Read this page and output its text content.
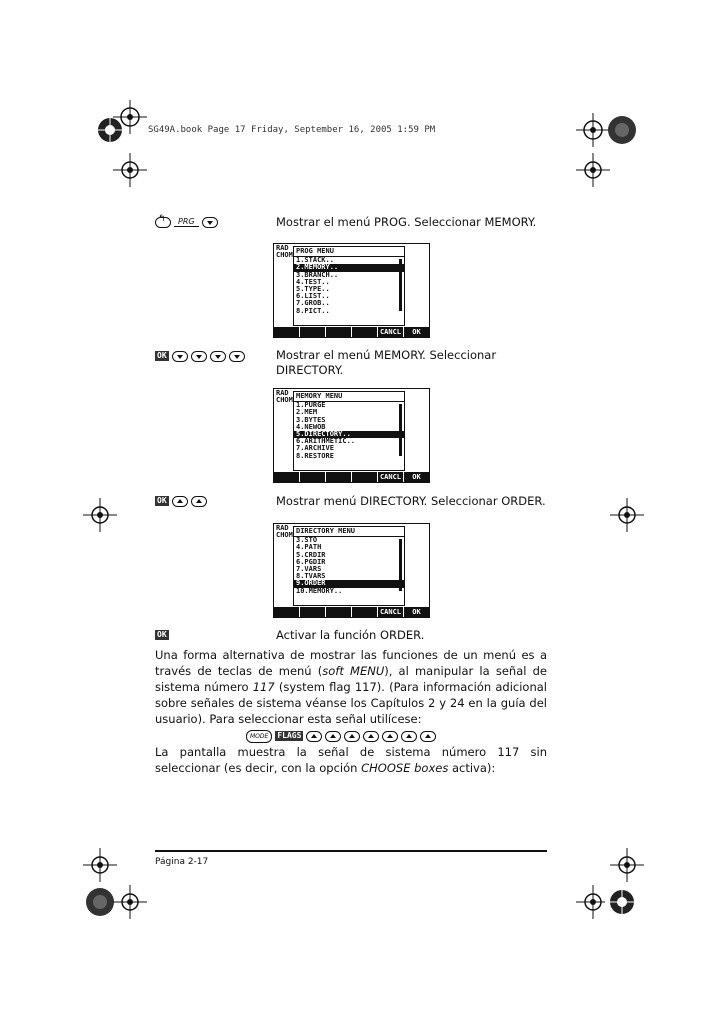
SG49A.book Page 17 Friday, September 16, 2005 1:59 PM
↰
PRG	Mostrar el menú PROG. Seleccionar MEMORY.
RAD
CHOM PROG MENU
1.STACK..
2.MEMORY..
3.BRANCH..
4.TEST..
5.TYPE..
6.LIST..
7.GROB..
8.PICT..
CANCL	OK
OK	Mostrar el menú MEMORY. Seleccionar DIRECTORY.
RAD
CHOM MEMORY MENU
1.PURGE
2.MEM
3.BYTES
4.NEWOB
5.DIRECTORY..
6.ARITHMETIC..
7.ARCHIVE
8.RESTORE
CANCL	OK
OK	Mostrar menú DIRECTORY. Seleccionar ORDER.
RAD
CHOM DIRECTORY MENU
3.STO
4.PATH
5.CRDIR
6.PGDIR
7.VARS
8.TVARS
9.ORDER
10.MEMORY..
CANCL	OK
OK	Activar la función ORDER.
Una forma alternativa de mostrar las funciones de un menú es a través de teclas de menú (soft MENU), al manipular la señal de sistema número 117 (system flag 117). (Para información adicional sobre señales de sistema véanse los Capítulos 2 y 24 en la guía del usuario). Para seleccionar esta señal utilícese:
MODE	FLAGS
La pantalla muestra la señal de sistema número 117 sin seleccionar (es decir, con la opción CHOOSE boxes activa):
Página 2-17
